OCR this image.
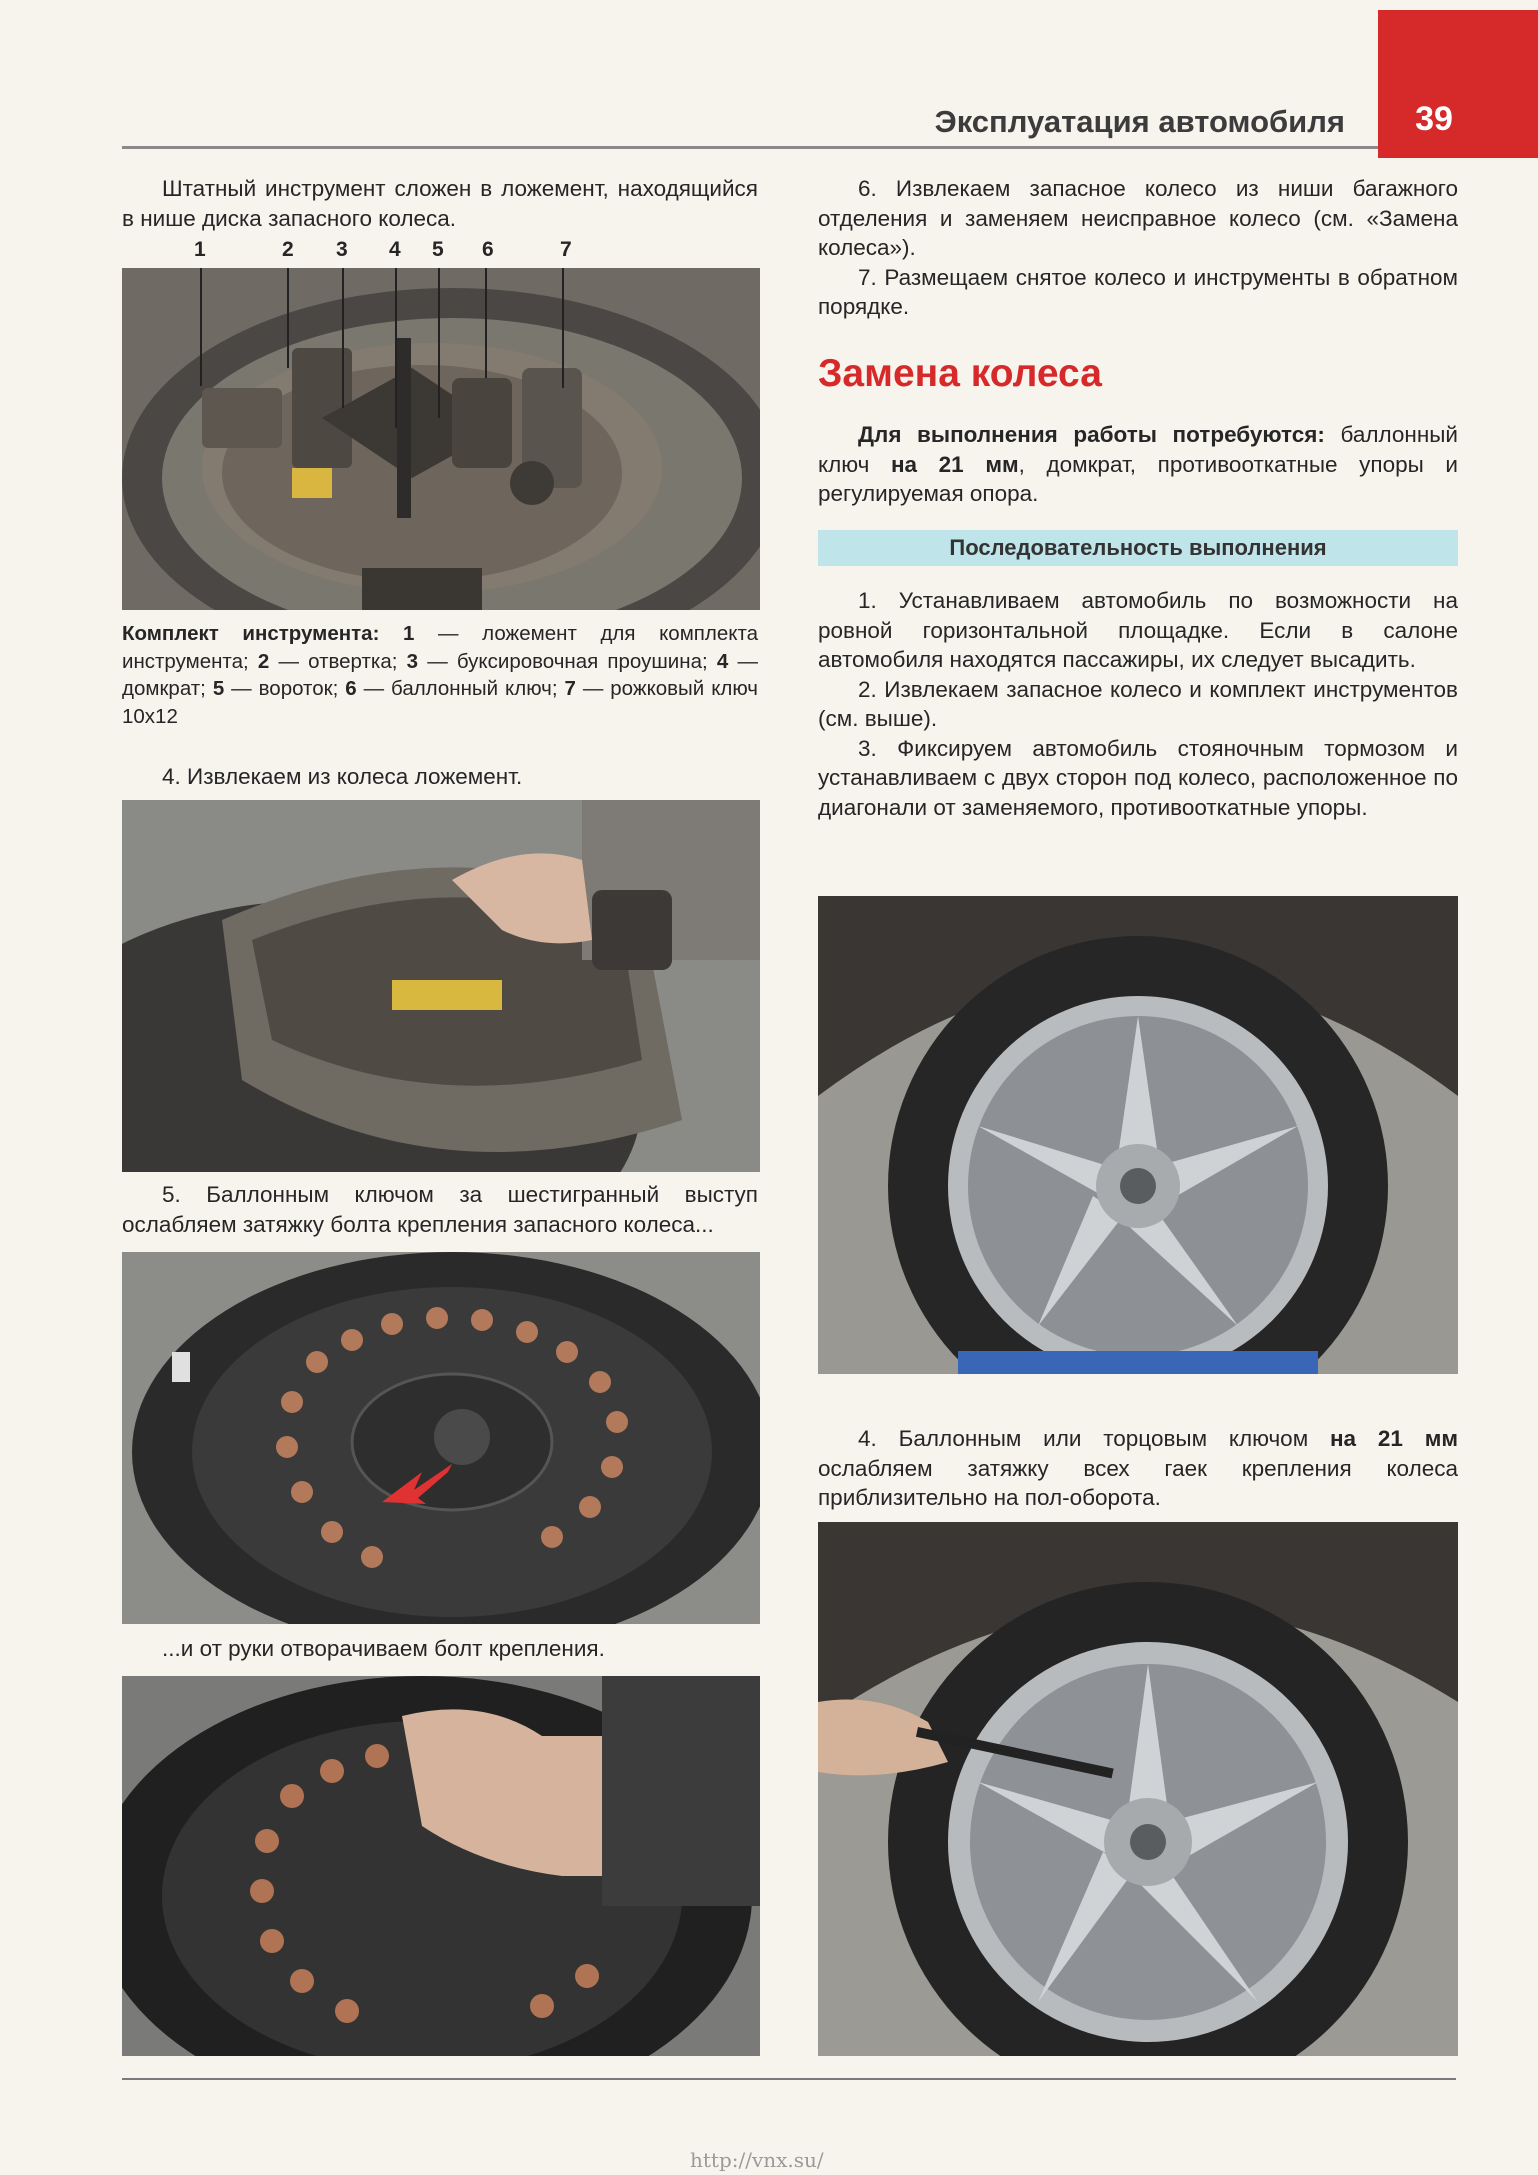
39
Эксплуатация автомобиля

Штатный инструмент сложен в ложемент, находящийся в нише диска запасного колеса.

1	2 3 4 5 6	7
Комплект инструмента: 1 — ложемент для комплекта инструмента; 2 — отвертка; 3 — буксировочная проушина; 4 — домкрат; 5 — вороток; 6 — баллонный ключ; 7 — рожковый ключ 10x12

4. Извлекаем из колеса ложемент.

5. Баллонным ключом за шестигранный выступ ослабляем затяжку болта крепления запасного колеса...

...и от руки отворачиваем болт крепления.

6. Извлекаем запасное колесо из ниши багажного отделения и заменяем неисправное колесо (см. «Замена колеса»).

7. Размещаем снятое колесо и инструменты в обратном порядке.

Замена колеса

Для выполнения работы потребуются: баллонный ключ на 21 мм, домкрат, противооткатные упоры и регулируемая опора.

Последовательность выполнения

1. Устанавливаем автомобиль по возможности на ровной горизонтальной площадке. Если в салоне автомобиля находятся пассажиры, их следует высадить.

2. Извлекаем запасное колесо и комплект инструментов (см. выше).

3. Фиксируем автомобиль стояночным тормозом и устанавливаем с двух сторон под колесо, расположенное по диагонали от заменяемого, противооткатные упоры.

4. Баллонным или торцовым ключом на 21 мм ослабляем затяжку всех гаек крепления колеса приблизительно на пол-оборота.

http://vnx.su/
